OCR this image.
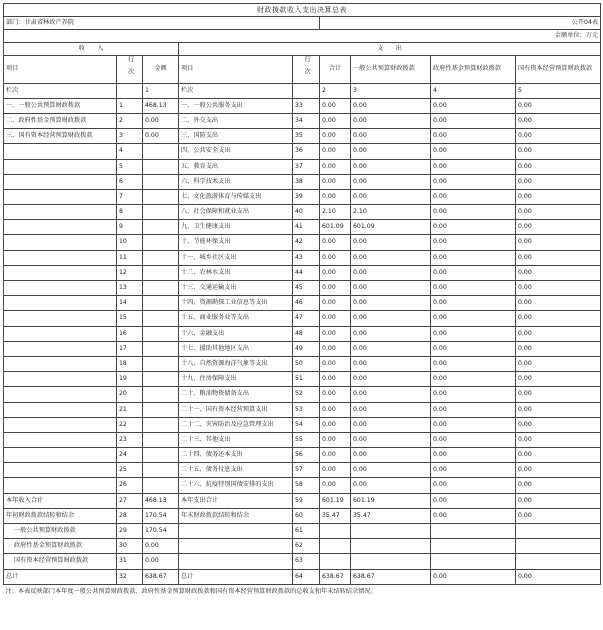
财政拨款收入支出决算总表								
部门：甘肃省林政产养院					公开04表			
金额单位：万元								
收　　入			支　　出					
项目	行次	金额	项目	行次	合计	一般公共预算财政拨款	政府性基金预算财政拨款	国有资本经营预算财政拨款

栏次		1	栏次		2	3	4	5
一、一般公共预算财政拨款	1	468.13	一、一般公共服务支出	33	0.00	0.00	0.00	0.00
二、政府性基金预算财政拨款	2	0.00	二、外交支出	34	0.00	0.00	0.00	0.00
三、国有资本经营预算财政拨款	3	0.00	三、国防支出	35	0.00	0.00	0.00	0.00
	4		四、公共安全支出	36	0.00	0.00	0.00	0.00
	5		五、教育支出	37	0.00	0.00	0.00	0.00
	6		六、科学技术支出	38	0.00	0.00	0.00	0.00
	7		七、文化旅游体育与传媒支出	39	0.00	0.00	0.00	0.00
	8		八、社会保障和就业支出	40	2.10	2.10	0.00	0.00
	9		九、卫生健康支出	41	601.09	601.09	0.00	0.00
	10		十、节能环保支出	42	0.00	0.00	0.00	0.00
	11		十一、城乡社区支出	43	0.00	0.00	0.00	0.00
	12		十二、农林水支出	44	0.00	0.00	0.00	0.00
	13		十三、交通运输支出	45	0.00	0.00	0.00	0.00
	14		十四、资源勘探工业信息等支出	46	0.00	0.00	0.00	0.00
	15		十五、商业服务业等支出	47	0.00	0.00	0.00	0.00
	16		十六、金融支出	48	0.00	0.00	0.00	0.00
	17		十七、援助其他地区支出	49	0.00	0.00	0.00	0.00
	18		十八、自然资源海洋气象等支出	50	0.00	0.00	0.00	0.00
	19		十九、住房保障支出	51	0.00	0.00	0.00	0.00
	20		二十、粮油物资储备支出	52	0.00	0.00	0.00	0.00
	21		二十一、国有资本经营预算支出	53	0.00	0.00	0.00	0.00
	22		二十二、灾害防治及应急管理支出	54	0.00	0.00	0.00	0.00
	23		二十三、其他支出	55	0.00	0.00	0.00	0.00
	24		二十四、债务还本支出	56	0.00	0.00	0.00	0.00
	25		二十五、债务付息支出	57	0.00	0.00	0.00	0.00
	26		二十六、抗疫特别国债安排的支出	58	0.00	0.00	0.00	0.00
本年收入合计	27	468.13	本年支出合计	59	601.19	601.19	0.00	0.00
年初财政拨款结转和结余	28	170.54	年末财政拨款结转和结余	60	35.47	35.47	0.00	0.00
一般公共预算财政拨款	29	170.54		61				
政府性基金预算财政拨款	30	0.00		62				
国有资本经营预算财政拨款	31	0.00		63				
总计	32	638.67	总计	64	638.67	638.67	0.00	0.00
注：本表反映部门本年度一般公共预算财政拨款、政府性基金预算财政拨款和国有资本经营预算财政拨款的总收支和年末结转结余情况。								
